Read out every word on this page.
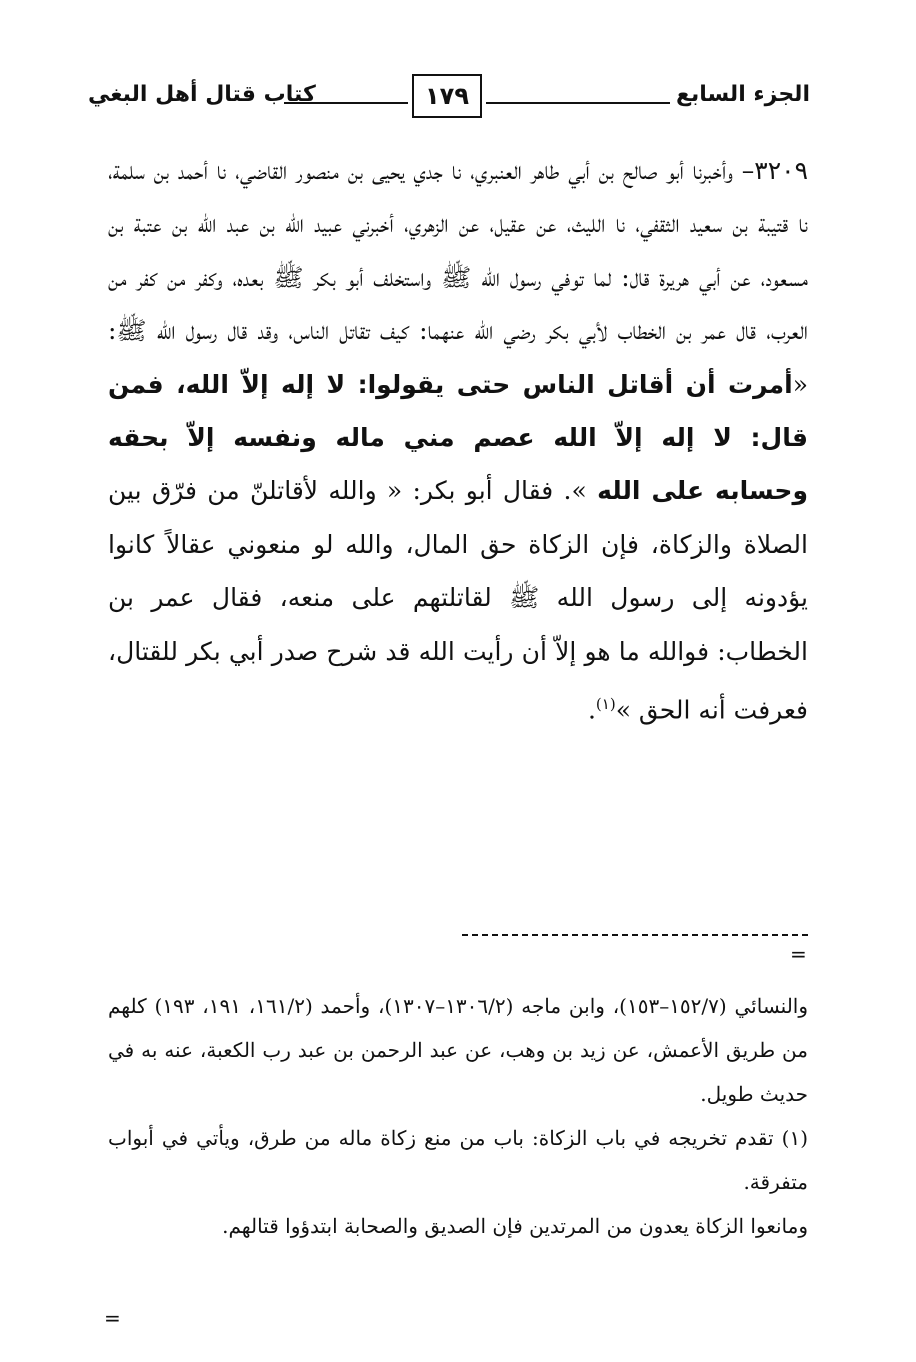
الجزء السابع
١٧٩
كتاب قتال أهل البغي
٣٢٠٩– وأخبرنا أبو صالح بن أبي طاهر العنبري، نا جدي يحيى بن منصور القاضي، نا أحمد بن سلمة، نا قتيبة بن سعيد الثقفي، نا الليث، عن عقيل، عن الزهري، أخبرني عبيد الله بن عبد الله بن عتبة بن مسعود، عن أبي هريرة قال: لما توفي رسول الله ﷺ واستخلف أبو بكر ﷺ بعده، وكفر من كفر من العرب، قال عمر بن الخطاب لأبي بكر رضي الله عنهما: كيف تقاتل الناس، وقد قال رسول الله ﷺ: «أمرت أن أقاتل الناس حتى يقولوا: لا إله إلاّ الله، فمن قال: لا إله إلاّ الله عصم مني ماله ونفسه إلاّ بحقه وحسابه على الله ». فقال أبو بكر: « والله لأقاتلنّ من فرّق بين الصلاة والزكاة، فإن الزكاة حق المال، والله لو منعوني عقالاً كانوا يؤدونه إلى رسول الله ﷺ لقاتلتهم على منعه، فقال عمر بن الخطاب: فوالله ما هو إلاّ أن رأيت الله قد شرح صدر أبي بكر للقتال، فعرفت أنه الحق »$^{(١)}$.
=

والنسائي (١٥٢/٧–١٥٣)، وابن ماجه (١٣٠٦/٢–١٣٠٧)، وأحمد (١٦١/٢، ١٩١، ١٩٣) كلهم من طريق الأعمش، عن زيد بن وهب، عن عبد الرحمن بن عبد رب الكعبة، عنه به في حديث طويل.

(١) تقدم تخريجه في باب الزكاة: باب من منع زكاة ماله من طرق، ويأتي في أبواب متفرقة.

ومانعوا الزكاة يعدون من المرتدين فإن الصديق والصحابة ابتدؤوا قتالهم.

=
